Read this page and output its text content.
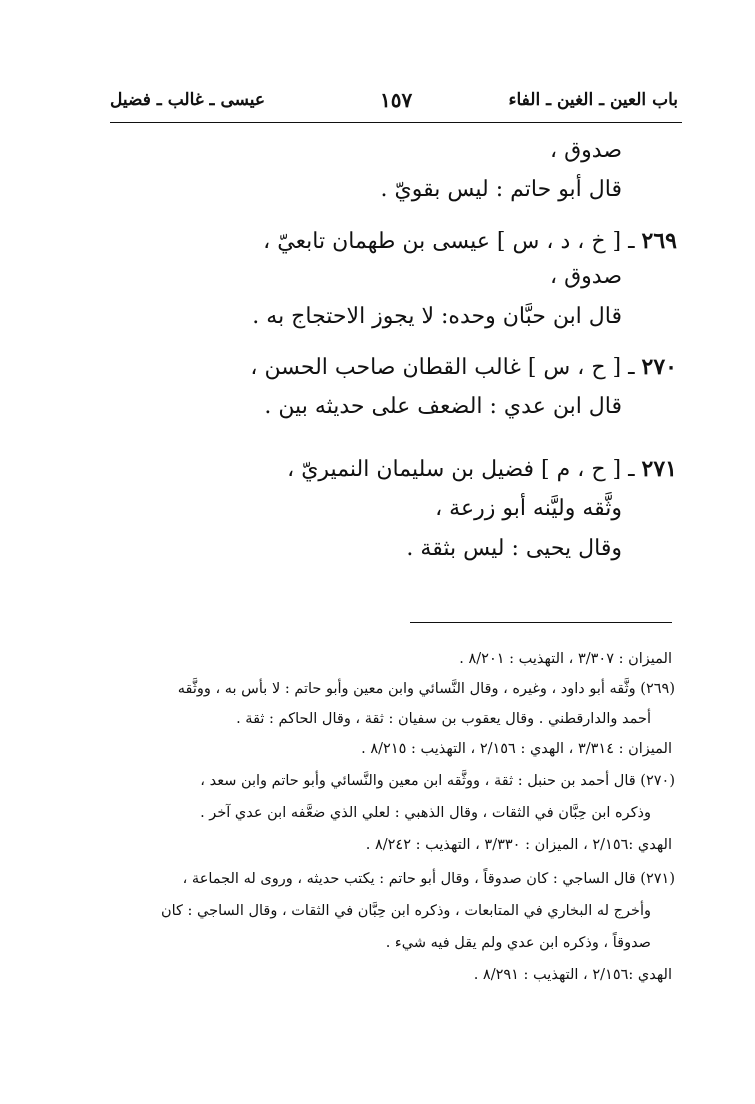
باب العين ـ الغين ـ الفاء
١٥٧
عيسى ـ غالب ـ فضيل
صدوق ،
قال أبو حاتم : ليس بقويّ .
٢٦٩ ـ [ خ ، د ، س ] عيسى بن طهمان تابعيّ ،
صدوق ،
قال ابن حبَّان وحده: لا يجوز الاحتجاج به .
٢٧٠ ـ [ ح ، س ] غالب القطان صاحب الحسن ،
قال ابن عدي : الضعف على حديثه بين .
٢٧١ ـ [ ح ، م ] فضيل بن سليمان النميريّ ،
وثَّقه وليَّنه أبو زرعة ،
وقال يحيى : ليس بثقة .
الميزان : ٣/٣٠٧ ، التهذيب : ٨/٢٠١ .
(٢٦٩) وثَّقه أبو داود ، وغيره ، وقال النَّسائي وابن معين وأبو حاتم : لا بأس به ، ووثَّقه
أحمد والدارقطني . وقال يعقوب بن سفيان : ثقة ، وقال الحاكم : ثقة .
الميزان : ٣/٣١٤ ، الهدي : ٢/١٥٦ ، التهذيب : ٨/٢١٥ .
(٢٧٠) قال أحمد بن حنبل : ثقة ، ووثَّقه ابن معين والنَّسائي وأبو حاتم وابن سعد ،
وذكره ابن حِبَّان في الثقات ، وقال الذهبي : لعلي الذي ضعَّفه ابن عدي آخر .
الهدي :٢/١٥٦ ، الميزان : ٣/٣٣٠ ، التهذيب : ٨/٢٤٢ .
(٢٧١) قال الساجي : كان صدوقاً ، وقال أبو حاتم : يكتب حديثه ، وروى له الجماعة ،
وأخرج له البخاري في المتابعات ، وذكره ابن حِبَّان في الثقات ، وقال الساجي : كان
صدوقاً ، وذكره ابن عدي ولم يقل فيه شيء .
الهدي :٢/١٥٦ ، التهذيب : ٨/٢٩١ .
